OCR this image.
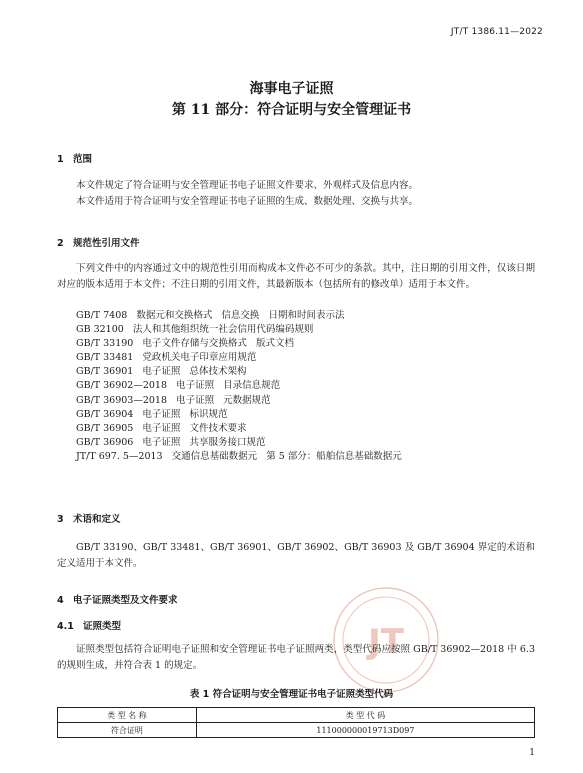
JT/T 1386.11—2022
海事电子证照
第 11 部分：符合证明与安全管理证书
1 范围

本文件规定了符合证明与安全管理证书电子证照文件要求、外观样式及信息内容。

本文件适用于符合证明与安全管理证书电子证照的生成、数据处理、交换与共享。

2 规范性引用文件

下列文件中的内容通过文中的规范性引用而构成本文件必不可少的条款。其中，注日期的引用文件，仅该日期对应的版本适用于本文件；不注日期的引用文件，其最新版本（包括所有的修改单）适用于本文件。

GB/T 7408   数据元和交换格式   信息交换   日期和时间表示法
GB 32100   法人和其他组织统一社会信用代码编码规则
GB/T 33190   电子文件存储与交换格式   版式文档
GB/T 33481   党政机关电子印章应用规范
GB/T 36901   电子证照   总体技术架构
GB/T 36902—2018   电子证照   目录信息规范
GB/T 36903—2018   电子证照   元数据规范
GB/T 36904   电子证照   标识规范
GB/T 36905   电子证照   文件技术要求
GB/T 36906   电子证照   共享服务接口规范
JT/T 697. 5—2013   交通信息基础数据元   第 5 部分：船舶信息基础数据元
3 术语和定义

GB/T 33190、GB/T 33481、GB/T 36901、GB/T 36902、GB/T 36903 及 GB/T 36904 界定的术语和定义适用于本文件。

JT
4 电子证照类型及文件要求
4.1 证照类型

证照类型包括符合证明电子证照和安全管理证书电子证照两类，类型代码应按照 GB/T 36902—2018 中 6.3 的规则生成，并符合表 1 的规定。

表 1 符合证明与安全管理证书电子证照类型代码
类 型 名 称	类 型 代 码
符合证明	111000000019713D097
1
